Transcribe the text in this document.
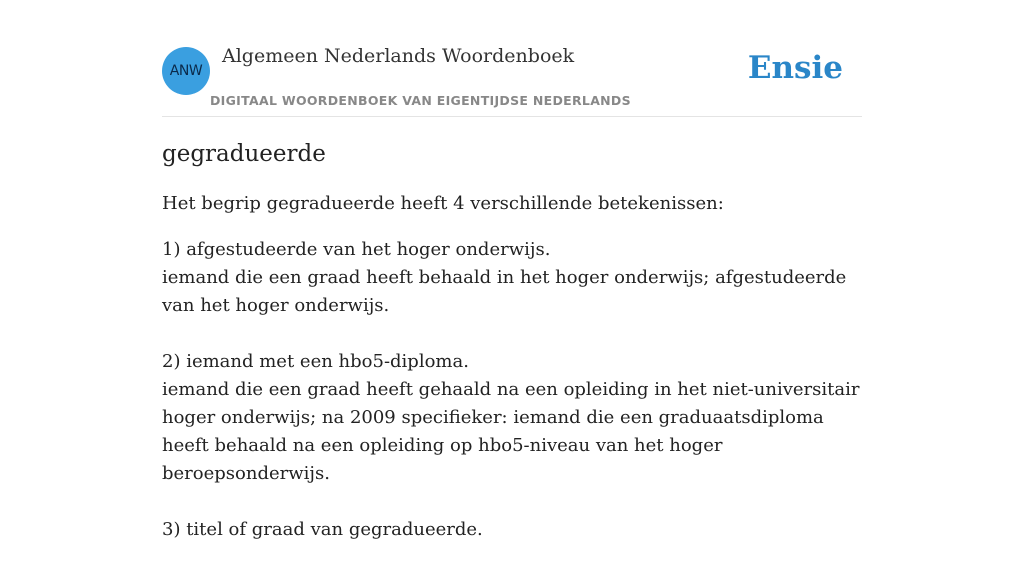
ANW
Algemeen Nederlands Woordenboek
DIGITAAL WOORDENBOEK VAN EIGENTIJDSE NEDERLANDS
Ensie
gegradueerde

Het begrip gegradueerde heeft 4 verschillende betekenissen:

1) afgestudeerde van het hoger onderwijs.
iemand die een graad heeft behaald in het hoger onderwijs; afgestudeerde van het hoger onderwijs.

2) iemand met een hbo5-diploma.
iemand die een graad heeft gehaald na een opleiding in het niet-universitair hoger onderwijs; na 2009 specifieker: iemand die een graduaatsdiploma heeft behaald na een opleiding op hbo5-niveau van het hoger beroepsonderwijs.

3) titel of graad van gegradueerde.
